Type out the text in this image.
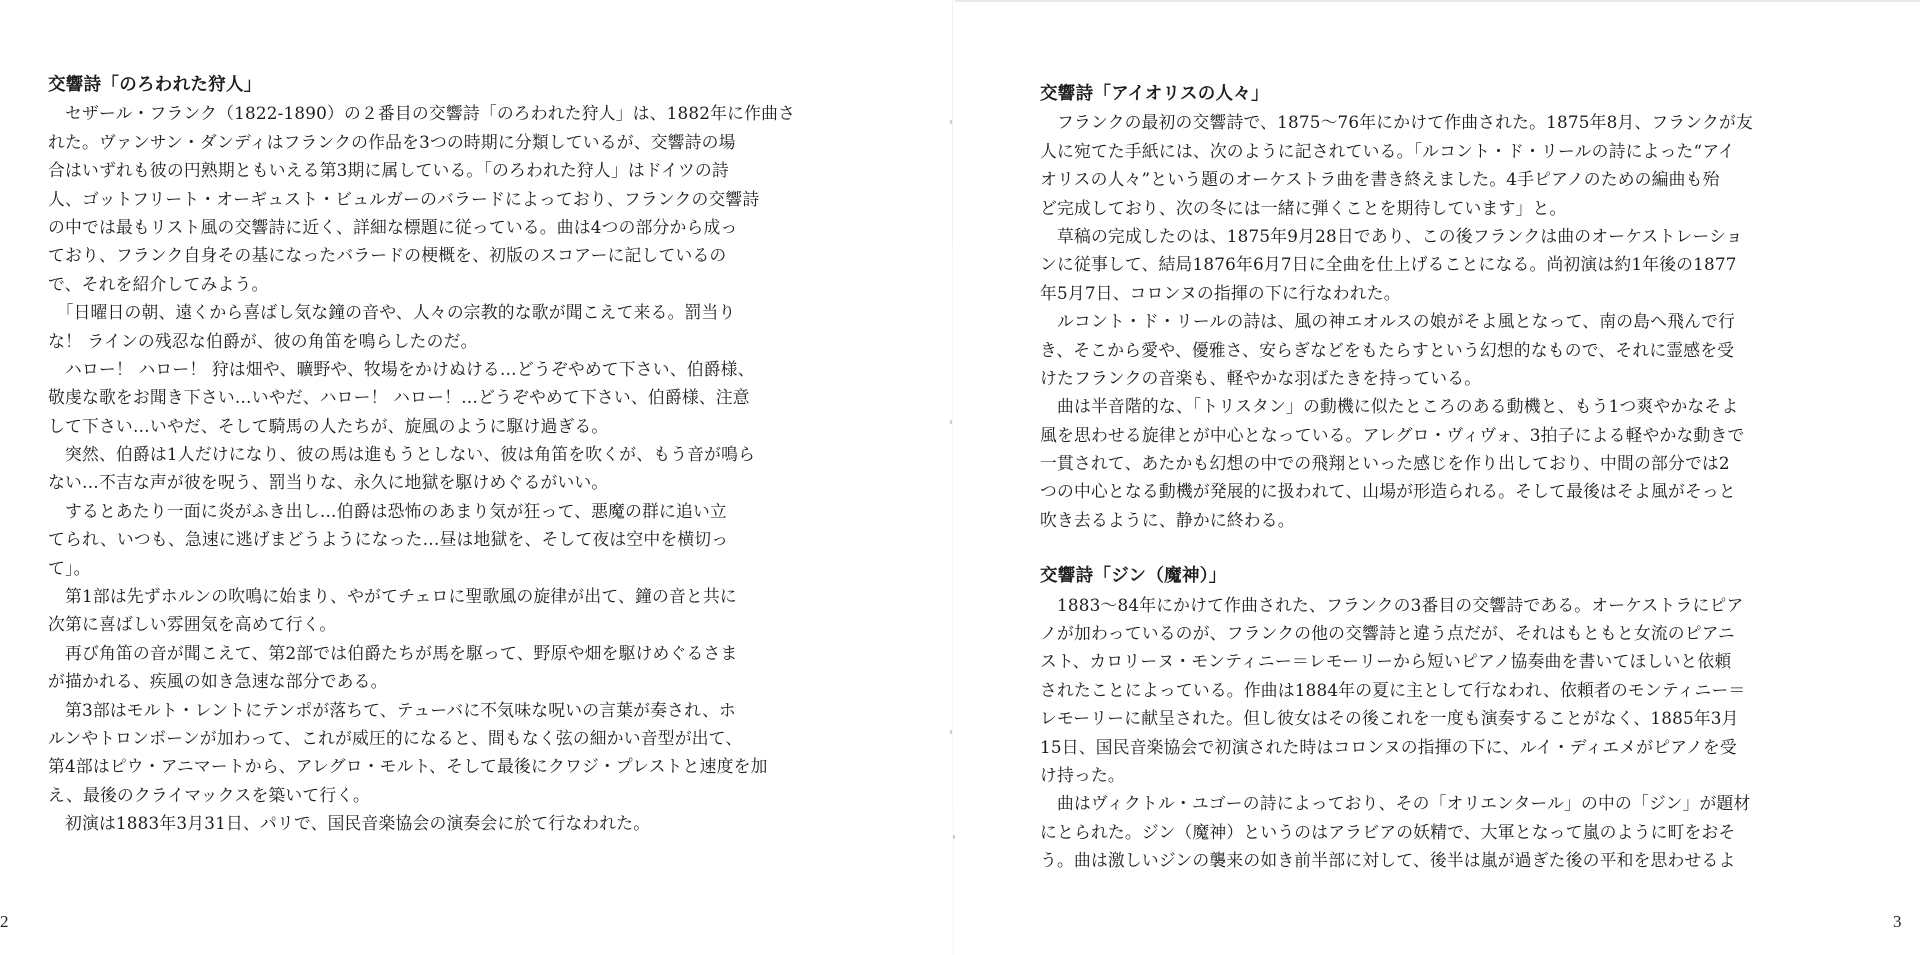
交響詩「のろわれた狩人」
　セザール・フランク（1822-1890）の２番目の交響詩「のろわれた狩人」は、1882年に作曲さ
れた。ヴァンサン・ダンディはフランクの作品を3つの時期に分類しているが、交響詩の場
合はいずれも彼の円熟期ともいえる第3期に属している。「のろわれた狩人」はドイツの詩
人、ゴットフリート・オーギュスト・ビュルガーのバラードによっており、フランクの交響詩
の中では最もリスト風の交響詩に近く、詳細な標題に従っている。曲は4つの部分から成っ
ており、フランク自身その基になったバラードの梗概を、初版のスコアーに記しているの
で、それを紹介してみよう。
　「日曜日の朝、遠くから喜ばし気な鐘の音や、人々の宗教的な歌が聞こえて来る。罰当り
な！ ラインの残忍な伯爵が、彼の角笛を鳴らしたのだ。
　ハロー！ ハロー！ 狩は畑や、曠野や、牧場をかけぬける…どうぞやめて下さい、伯爵様、
敬虔な歌をお聞き下さい…いやだ、ハロー！ ハロー！…どうぞやめて下さい、伯爵様、注意
して下さい…いやだ、そして騎馬の人たちが、旋風のように駆け過ぎる。
　突然、伯爵は1人だけになり、彼の馬は進もうとしない、彼は角笛を吹くが、もう音が鳴ら
ない…不吉な声が彼を呪う、罰当りな、永久に地獄を駆けめぐるがいい。
　するとあたり一面に炎がふき出し…伯爵は恐怖のあまり気が狂って、悪魔の群に追い立
てられ、いつも、急速に逃げまどうようになった…昼は地獄を、そして夜は空中を横切っ
て」。
　第1部は先ずホルンの吹鳴に始まり、やがてチェロに聖歌風の旋律が出て、鐘の音と共に
次第に喜ばしい雰囲気を高めて行く。
　再び角笛の音が聞こえて、第2部では伯爵たちが馬を駆って、野原や畑を駆けめぐるさま
が描かれる、疾風の如き急速な部分である。
　第3部はモルト・レントにテンポが落ちて、テューバに不気味な呪いの言葉が奏され、ホ
ルンやトロンボーンが加わって、これが威圧的になると、間もなく弦の細かい音型が出て、
第4部はピウ・アニマートから、アレグロ・モルト、そして最後にクワジ・プレストと速度を加
え、最後のクライマックスを築いて行く。
　初演は1883年3月31日、パリで、国民音楽協会の演奏会に於て行なわれた。
2
交響詩「アイオリスの人々」
　フランクの最初の交響詩で、1875〜76年にかけて作曲された。1875年8月、フランクが友
人に宛てた手紙には、次のように記されている。「ルコント・ド・リールの詩によった“アイ
オリスの人々”という題のオーケストラ曲を書き終えました。4手ピアノのための編曲も殆
ど完成しており、次の冬には一緒に弾くことを期待しています」と。
　草稿の完成したのは、1875年9月28日であり、この後フランクは曲のオーケストレーショ
ンに従事して、結局1876年6月7日に全曲を仕上げることになる。尚初演は約1年後の1877
年5月7日、コロンヌの指揮の下に行なわれた。
　ルコント・ド・リールの詩は、風の神エオルスの娘がそよ風となって、南の島へ飛んで行
き、そこから愛や、優雅さ、安らぎなどをもたらすという幻想的なもので、それに霊感を受
けたフランクの音楽も、軽やかな羽ばたきを持っている。
　曲は半音階的な、「トリスタン」の動機に似たところのある動機と、もう1つ爽やかなそよ
風を思わせる旋律とが中心となっている。アレグロ・ヴィヴォ、3拍子による軽やかな動きで
一貫されて、あたかも幻想の中での飛翔といった感じを作り出しており、中間の部分では2
つの中心となる動機が発展的に扱われて、山場が形造られる。そして最後はそよ風がそっと
吹き去るように、静かに終わる。
交響詩「ジン（魔神）」
　1883〜84年にかけて作曲された、フランクの3番目の交響詩である。オーケストラにピア
ノが加わっているのが、フランクの他の交響詩と違う点だが、それはもともと女流のピアニ
スト、カロリーヌ・モンティニー＝レモーリーから短いピアノ協奏曲を書いてほしいと依頼
されたことによっている。作曲は1884年の夏に主として行なわれ、依頼者のモンティニー＝
レモーリーに献呈された。但し彼女はその後これを一度も演奏することがなく、1885年3月
15日、国民音楽協会で初演された時はコロンヌの指揮の下に、ルイ・ディエメがピアノを受
け持った。
　曲はヴィクトル・ユゴーの詩によっており、その「オリエンタール」の中の「ジン」が題材
にとられた。ジン（魔神）というのはアラビアの妖精で、大軍となって嵐のように町をおそ
う。曲は激しいジンの襲来の如き前半部に対して、後半は嵐が過ぎた後の平和を思わせるよ
3
